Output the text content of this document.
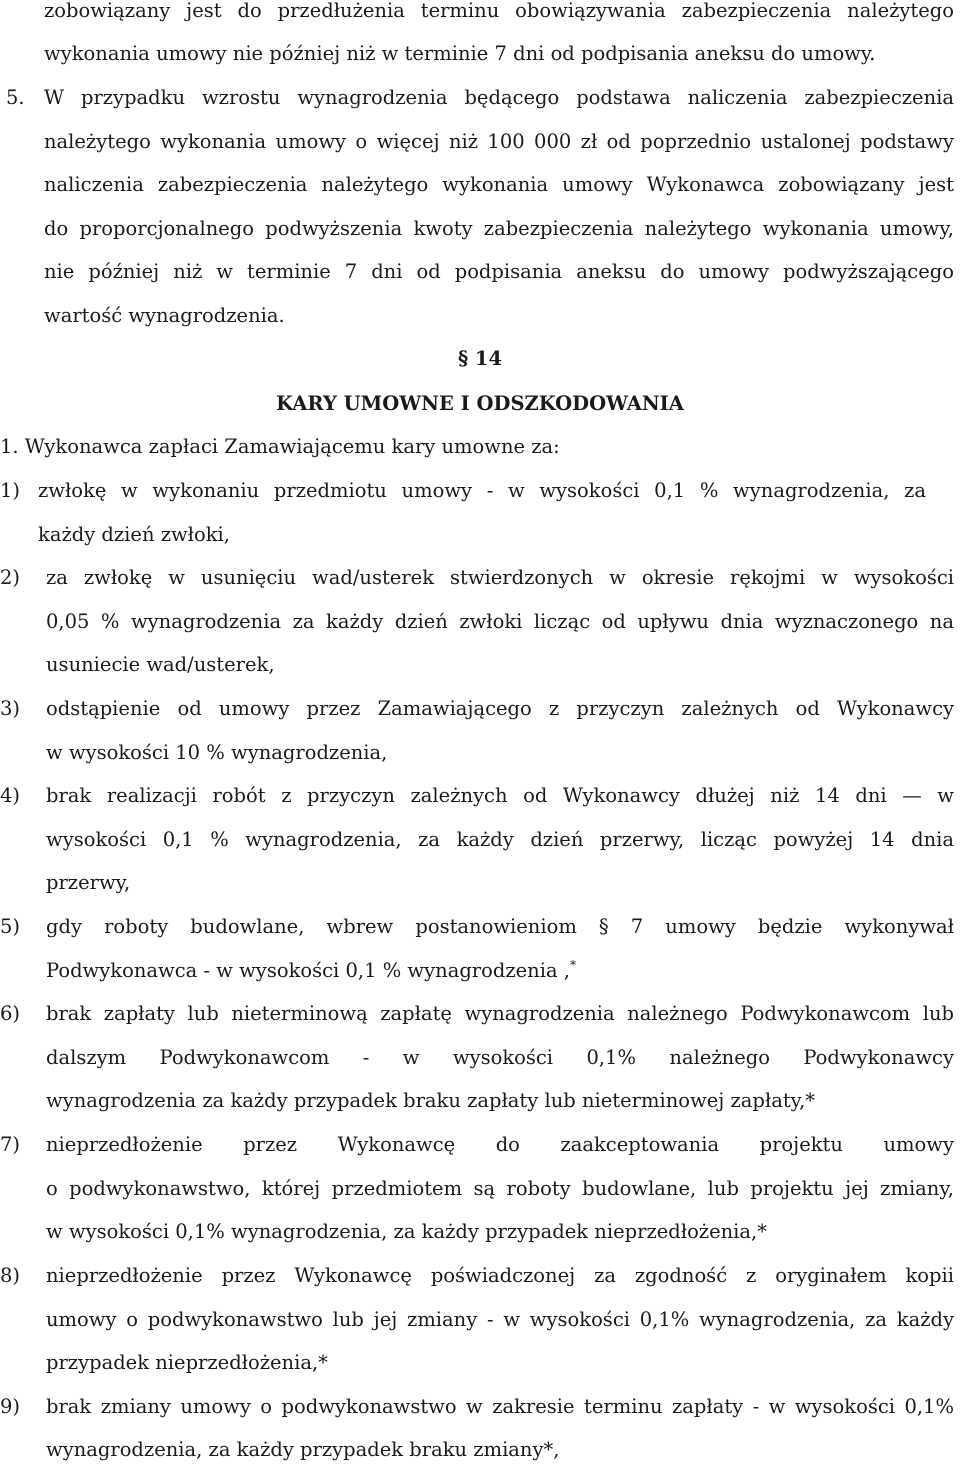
zobowiązany jest do przedłużenia terminu obowiązywania zabezpieczenia należytego
wykonania umowy nie później niż w terminie 7 dni od podpisania aneksu do umowy.
5. W przypadku wzrostu wynagrodzenia będącego podstawa naliczenia zabezpieczenia
należytego wykonania umowy o więcej niż 100 000 zł od poprzednio ustalonej podstawy
naliczenia zabezpieczenia należytego wykonania umowy Wykonawca zobowiązany jest
do proporcjonalnego podwyższenia kwoty zabezpieczenia należytego wykonania umowy,
nie później niż w terminie 7 dni od podpisania aneksu do umowy podwyższającego
wartość wynagrodzenia.
§ 14
KARY UMOWNE I ODSZKODOWANIA
1. Wykonawca zapłaci Zamawiającemu kary umowne za:
1) zwłokę w wykonaniu przedmiotu umowy - w wysokości 0,1 % wynagrodzenia, za
każdy dzień zwłoki,
2) za zwłokę w usunięciu wad/usterek stwierdzonych w okresie rękojmi w wysokości
0,05 % wynagrodzenia za każdy dzień zwłoki licząc od upływu dnia wyznaczonego na
usuniecie wad/usterek,
3) odstąpienie od umowy przez Zamawiającego z przyczyn zależnych od Wykonawcy
w wysokości 10 % wynagrodzenia,
4) brak realizacji robót z przyczyn zależnych od Wykonawcy dłużej niż 14 dni — w
wysokości 0,1 % wynagrodzenia, za każdy dzień przerwy, licząc powyżej 14 dnia
przerwy,
5) gdy roboty budowlane, wbrew postanowieniom § 7 umowy będzie wykonywał
Podwykonawca - w wysokości 0,1 % wynagrodzenia ,*
6) brak zapłaty lub nieterminową zapłatę wynagrodzenia należnego Podwykonawcom lub
dalszym Podwykonawcom - w wysokości 0,1% należnego Podwykonawcy
wynagrodzenia za każdy przypadek braku zapłaty lub nieterminowej zapłaty,*
7) nieprzedłożenie przez Wykonawcę do zaakceptowania projektu umowy
o podwykonawstwo, której przedmiotem są roboty budowlane, lub projektu jej zmiany,
w wysokości 0,1% wynagrodzenia, za każdy przypadek nieprzedłożenia,*
8) nieprzedłożenie przez Wykonawcę poświadczonej za zgodność z oryginałem kopii
umowy o podwykonawstwo lub jej zmiany - w wysokości 0,1% wynagrodzenia, za każdy
przypadek nieprzedłożenia,*
9) brak zmiany umowy o podwykonawstwo w zakresie terminu zapłaty - w wysokości 0,1%
wynagrodzenia, za każdy przypadek braku zmiany*,
